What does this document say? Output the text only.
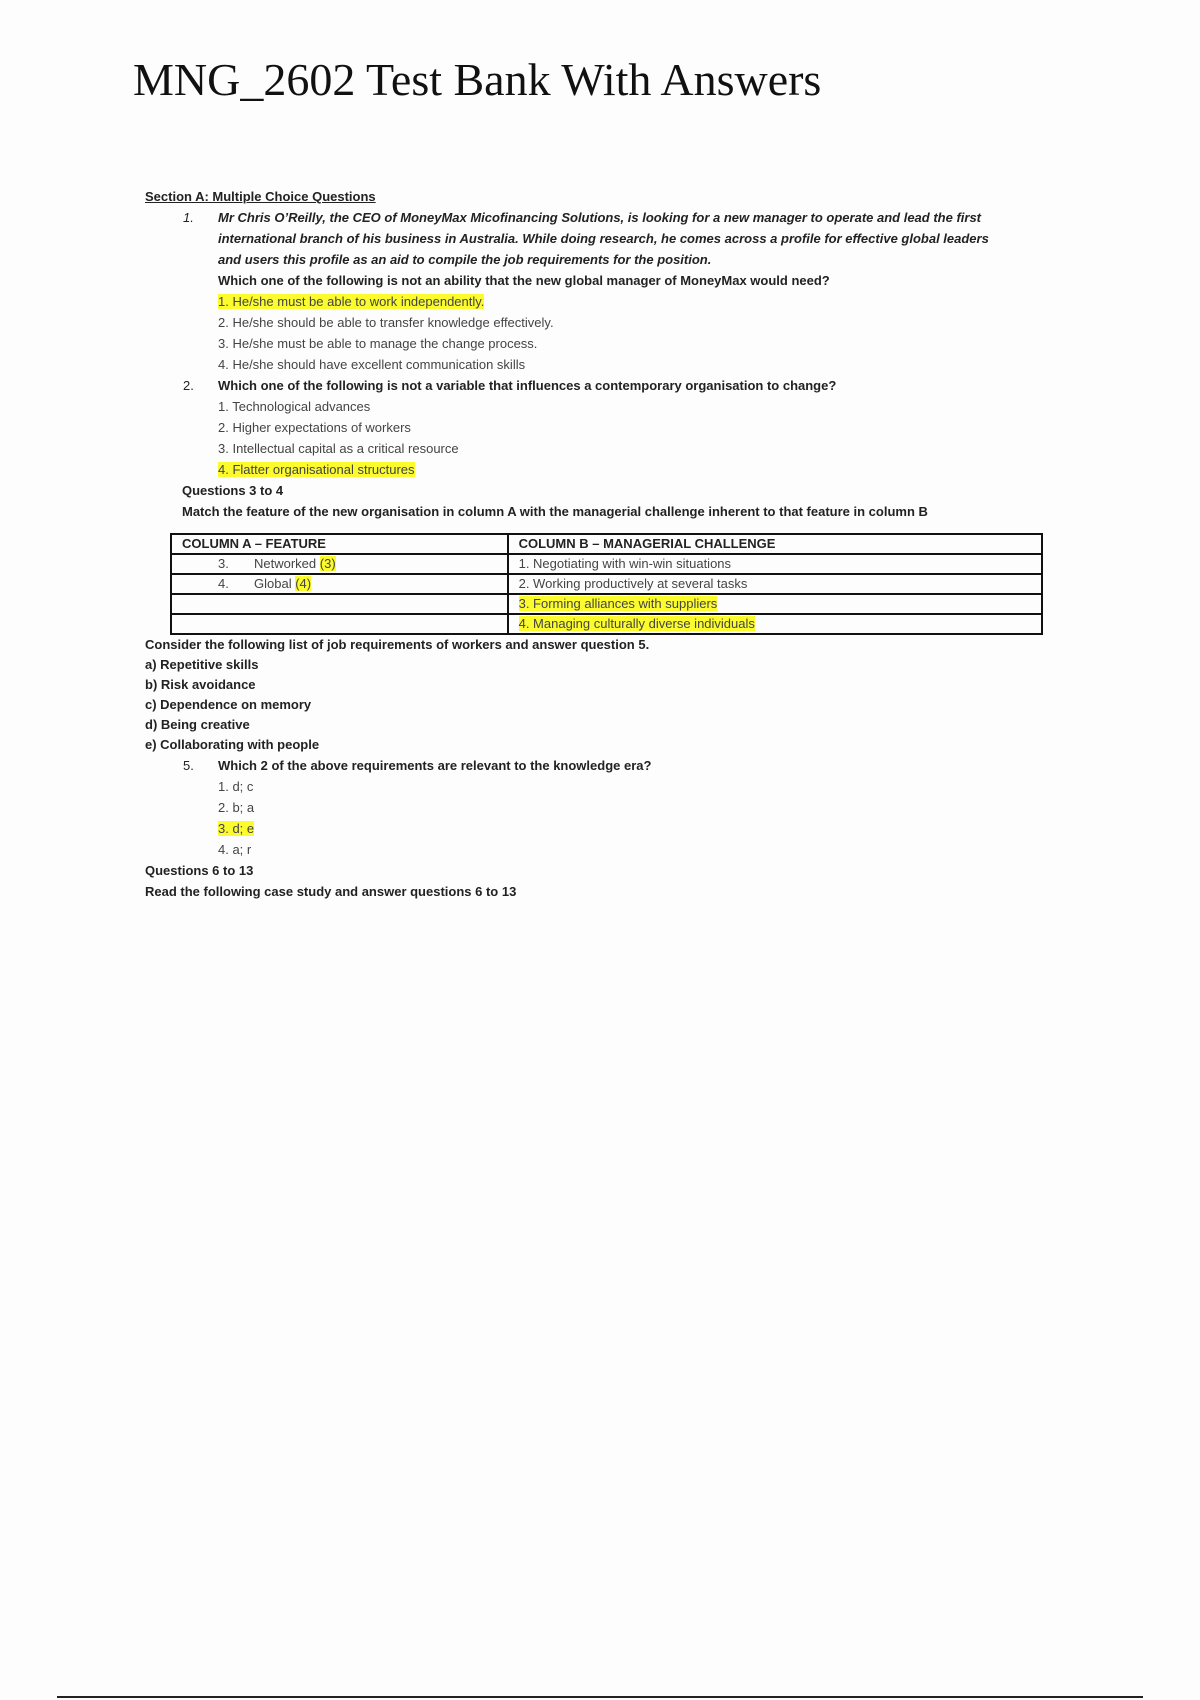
MNG_2602 Test Bank With Answers
Section A: Multiple Choice Questions
1. Mr Chris O’Reilly, the CEO of MoneyMax Micofinancing Solutions, is looking for a new manager to operate and lead the first
international branch of his business in Australia. While doing research, he comes across a profile for effective global leaders
and users this profile as an aid to compile the job requirements for the position.
Which one of the following is not an ability that the new global manager of MoneyMax would need?
1. He/she must be able to work independently.
2. He/she should be able to transfer knowledge effectively.
3. He/she must be able to manage the change process.
4. He/she should have excellent communication skills
2. Which one of the following is not a variable that influences a contemporary organisation to change?
1. Technological advances
2. Higher expectations of workers
3. Intellectual capital as a critical resource
4. Flatter organisational structures
Questions 3 to 4
Match the feature of the new organisation in column A with the managerial challenge inherent to that feature in column B
COLUMN A – FEATURE	COLUMN B – MANAGERIAL CHALLENGE
3. Networked (3)	1. Negotiating with win-win situations
4. Global (4)	2. Working productively at several tasks
	3. Forming alliances with suppliers
	4. Managing culturally diverse individuals
Consider the following list of job requirements of workers and answer question 5.
a) Repetitive skills
b) Risk avoidance
c) Dependence on memory
d) Being creative
e) Collaborating with people
5. Which 2 of the above requirements are relevant to the knowledge era?
1. d; c
2. b; a
3. d; e
4. a; r
Questions 6 to 13
Read the following case study and answer questions 6 to 13
